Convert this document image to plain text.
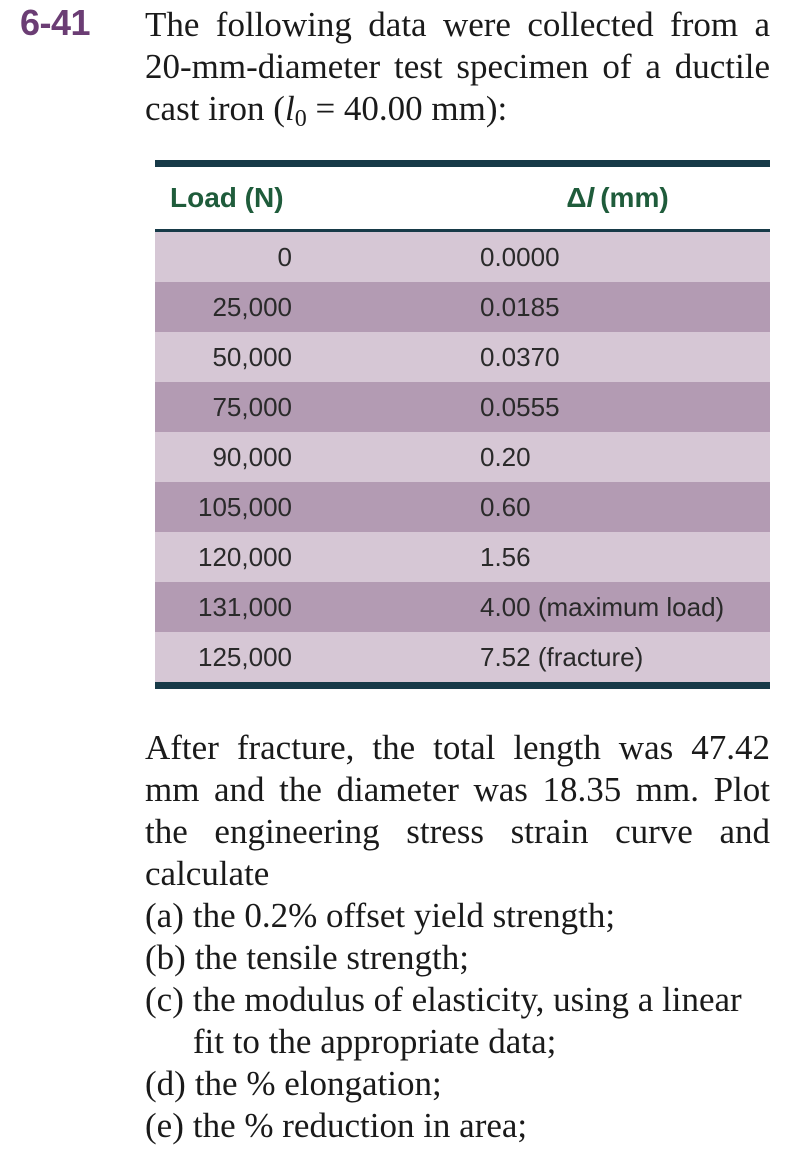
6-41 The following data were collected from a 20-mm-diameter test specimen of a ductile cast iron ($l_0 = 40.00$ mm):
Load (N)	Δl (mm)
0	0.0000
25,000	0.0185
50,000	0.0370
75,000	0.0555
90,000	0.20
105,000	0.60
120,000	1.56
131,000	4.00 (maximum load)
125,000	7.52 (fracture)
After fracture, the total length was 47.42 mm and the diameter was 18.35 mm. Plot the engineering stress strain curve and calculate
(a) the 0.2% offset yield strength;
(b) the tensile strength;
(c) the modulus of elasticity, using a linear fit to the appropriate data;
(d) the % elongation;
(e) the % reduction in area;
